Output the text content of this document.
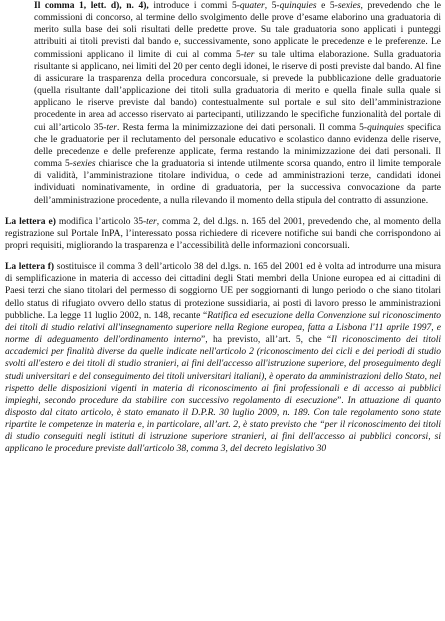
Il comma 1, lett. d), n. 4), introduce i commi 5-quater, 5-quinquies e 5-sexies, prevedendo che le commissioni di concorso, al termine dello svolgimento delle prove d’esame elaborino una graduatoria di merito sulla base dei soli risultati delle predette prove. Su tale graduatoria sono applicati i punteggi attribuiti ai titoli previsti dal bando e, successivamente, sono applicate le precedenze e le preferenze. Le commissioni applicano il limite di cui al comma 5-ter su tale ultima elaborazione. Sulla graduatoria risultante si applicano, nei limiti del 20 per cento degli idonei, le riserve di posti previste dal bando. Al fine di assicurare la trasparenza della procedura concorsuale, si prevede la pubblicazione delle graduatorie (quella risultante dall’applicazione dei titoli sulla graduatoria di merito e quella finale sulla quale si applicano le riserve previste dal bando) contestualmente sul portale e sul sito dell’amministrazione procedente in area ad accesso riservato ai partecipanti, utilizzando le specifiche funzionalità del portale di cui all’articolo 35-ter. Resta ferma la minimizzazione dei dati personali. Il comma 5-quinquies specifica che le graduatorie per il reclutamento del personale educativo e scolastico danno evidenza delle riserve, delle precedenze e delle preferenze applicate, ferma restando la minimizzazione dei dati personali. Il comma 5-sexies chiarisce che la graduatoria si intende utilmente scorsa quando, entro il limite temporale di validità, l’amministrazione titolare individua, o cede ad amministrazioni terze, candidati idonei individuati nominativamente, in ordine di graduatoria, per la successiva convocazione da parte dell’amministrazione procedente, a nulla rilevando il momento della stipula del contratto di assunzione.

La lettera e) modifica l’articolo 35-ter, comma 2, del d.lgs. n. 165 del 2001, prevedendo che, al momento della registrazione sul Portale InPA, l’interessato possa richiedere di ricevere notifiche sui bandi che corrispondono ai propri requisiti, migliorando la trasparenza e l’accessibilità delle informazioni concorsuali.

La lettera f) sostituisce il comma 3 dell’articolo 38 del d.lgs. n. 165 del 2001 ed è volta ad introdurre una misura di semplificazione in materia di accesso dei cittadini degli Stati membri della Unione europea ed ai cittadini di Paesi terzi che siano titolari del permesso di soggiorno UE per soggiornanti di lungo periodo o che siano titolari dello status di rifugiato ovvero dello status di protezione sussidiaria, ai posti di lavoro presso le amministrazioni pubbliche. La legge 11 luglio 2002, n. 148, recante “Ratifica ed esecuzione della Convenzione sul riconoscimento dei titoli di studio relativi all'insegnamento superiore nella Regione europea, fatta a Lisbona l'11 aprile 1997, e norme di adeguamento dell'ordinamento interno”, ha previsto, all’art. 5, che “Il riconoscimento dei titoli accademici per finalità diverse da quelle indicate nell'articolo 2 (riconoscimento dei cicli e dei periodi di studio svolti all'estero e dei titoli di studio stranieri, ai fini dell'accesso all'istruzione superiore, del proseguimento degli studi universitari e del conseguimento dei titoli universitari italiani), è operato da amministrazioni dello Stato, nel rispetto delle disposizioni vigenti in materia di riconoscimento ai fini professionali e di accesso ai pubblici impieghi, secondo procedure da stabilire con successivo regolamento di esecuzione”. In attuazione di quanto disposto dal citato articolo, è stato emanato il D.P.R. 30 luglio 2009, n. 189. Con tale regolamento sono state ripartite le competenze in materia e, in particolare, all’art. 2, è stato previsto che “per il riconoscimento dei titoli di studio conseguiti negli istituti di istruzione superiore stranieri, ai fini dell'accesso ai pubblici concorsi, si applicano le procedure previste dall'articolo 38, comma 3, del decreto legislativo 30
